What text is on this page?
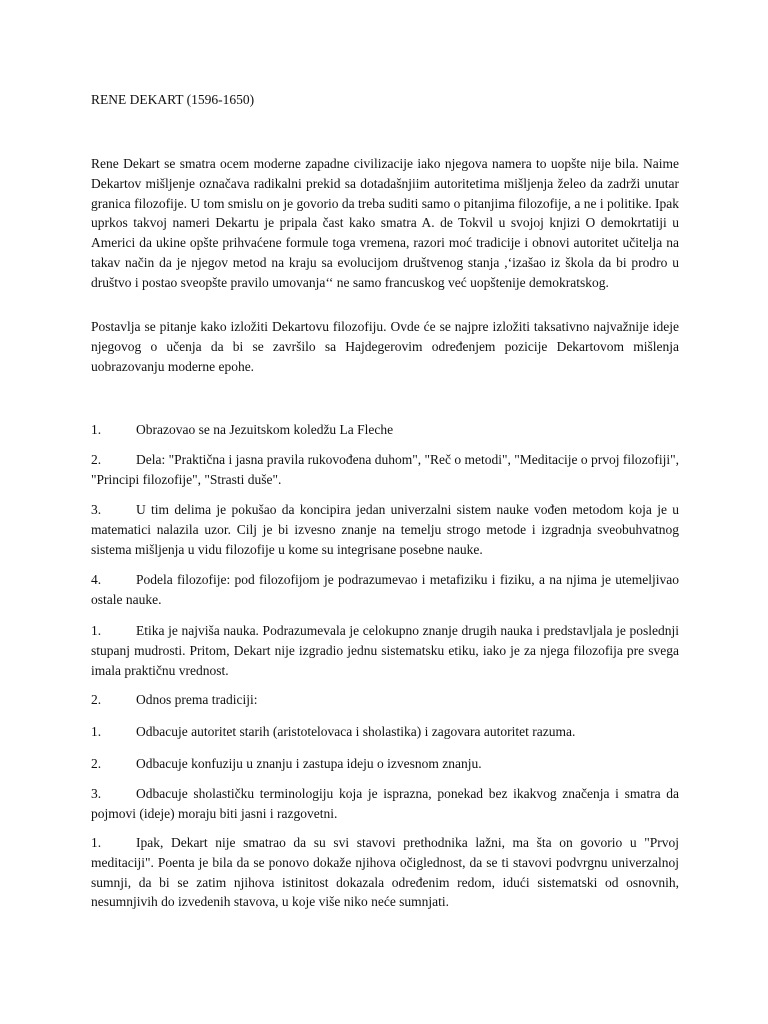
RENE DEKART (1596-1650)
Rene Dekart se smatra ocem moderne zapadne civilizacije iako njegova namera to uopšte nije bila. Naime Dekartov mišljenje označava radikalni prekid sa dotadašnjiim autoritetima mišljenja želeo da zadrži unutar granica filozofije. U tom smislu on je govorio da treba suditi samo o pitanjima filozofije, a ne i politike. Ipak uprkos takvoj nameri Dekartu je pripala čast kako smatra A. de Tokvil u svojoj knjizi O demokrtatiji u Americi da ukine opšte prihvaćene formule toga vremena, razori moć tradicije i obnovi autoritet učitelja na takav način da je njegov metod na kraju sa evolucijom društvenog stanja ,‘izašao iz škola da bi prodro u društvo i postao sveopšte pravilo umovanja‘‘ ne samo francuskog već uopštenije demokratskog.
Postavlja se pitanje kako izložiti Dekartovu filozofiju. Ovde će se najpre izložiti taksativno najvažnije ideje njegovog o učenja da bi se završilo sa Hajdegerovim određenjem pozicije Dekartovom mišlenja uobrazovanju moderne epohe.
1.	Obrazovao se na Jezuitskom koledžu La Fleche
2.	Dela: "Praktična i jasna pravila rukovođena duhom", "Reč o metodi", "Meditacije o prvoj filozofiji", "Principi filozofije", "Strasti duše".
3.	U tim delima je pokušao da koncipira jedan univerzalni sistem nauke vođen metodom koja je u matematici nalazila uzor. Cilj je bi izvesno znanje na temelju strogo metode i izgradnja sveobuhvatnog sistema mišljenja u vidu filozofije u kome su integrisane posebne nauke.
4.	Podela filozofije: pod filozofijom je podrazumevao i metafiziku i fiziku, a na njima je utemeljivao ostale nauke.
1.	Etika je najviša nauka. Podrazumevala je celokupno znanje drugih nauka i predstavljala je poslednji stupanj mudrosti. Pritom, Dekart nije izgradio jednu sistematsku etiku, iako je za njega filozofija pre svega imala praktičnu vrednost.
2.	Odnos prema tradiciji:
1.	Odbacuje autoritet starih (aristotelovaca i sholastika) i zagovara autoritet razuma.
2.	Odbacuje konfuziju u znanju i zastupa ideju o izvesnom znanju.
3.	Odbacuje sholastičku terminologiju koja je isprazna, ponekad bez ikakvog značenja i smatra da pojmovi (ideje) moraju biti jasni i razgovetni.
1.	Ipak, Dekart nije smatrao da su svi stavovi prethodnika lažni, ma šta on govorio u "Prvoj meditaciji". Poenta je bila da se ponovo dokaže njihova očiglednost, da se ti stavovi podvrgnu univerzalnoj sumnji, da bi se zatim njihova istinitost dokazala određenim redom, idući sistematski od osnovnih, nesumnjivih do izvedenih stavova, u koje više niko neće sumnjati.
